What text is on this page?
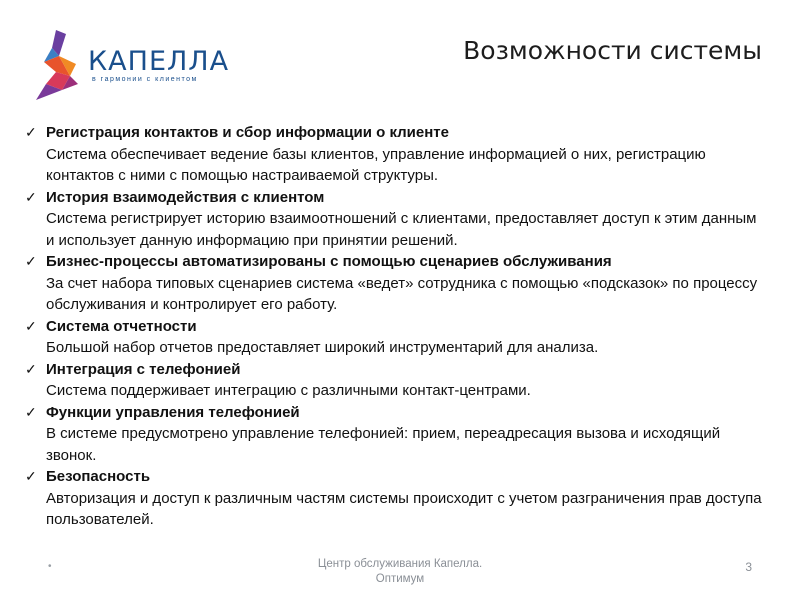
КАПЕЛЛА
в гармонии с клиентом
Возможности системы
✓ Регистрация контактов и сбор информации о клиенте
Система обеспечивает ведение базы клиентов, управление информацией о них, регистрацию контактов с ними с помощью настраиваемой структуры.
✓ История взаимодействия с клиентом
Система регистрирует историю взаимоотношений с клиентами, предоставляет доступ к этим данным и использует данную информацию при принятии решений.
✓ Бизнес-процессы автоматизированы с помощью сценариев обслуживания
За счет набора типовых сценариев система «ведет» сотрудника с помощью «подсказок» по процессу обслуживания и контролирует его работу.
✓ Система отчетности
Большой набор отчетов предоставляет широкий инструментарий для анализа.
✓ Интеграция с телефонией
Система поддерживает интеграцию с различными контакт-центрами.
✓ Функции управления телефонией
В системе предусмотрено управление телефонией: прием, переадресация вызова и исходящий звонок.
✓ Безопасность
Авторизация и доступ к различным частям системы происходит с учетом разграничения прав доступа пользователей.
•	Центр обслуживания Капелла.
Оптимум
3
